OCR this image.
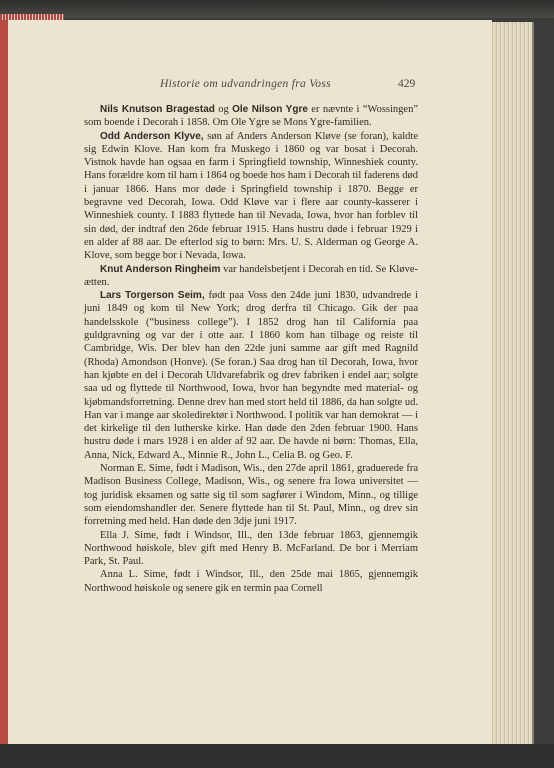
Historie om udvandringen fra Voss	429

Nils Knutson Bragestad og Ole Nilson Ygre er nævnte i “Wossingen” som boende i Decorah i 1858. Om Ole Ygre se Mons Ygre-familien.

Odd Anderson Klyve, søn af Anders Anderson Kløve (se foran), kaldte sig Edwin Klove. Han kom fra Muskego i 1860 og var bosat i Decorah. Vistnok havde han ogsaa en farm i Springfield township, Winneshiek county. Hans forældre kom til ham i 1864 og boede hos ham i Decorah til faderens død i januar 1866. Hans mor døde i Springfield township i 1870. Begge er begravne ved Decorah, Iowa. Odd Kløve var i flere aar county-kasserer i Winneshiek county. I 1883 flyttede han til Nevada, Iowa, hvor han forblev til sin død, der indtraf den 26de februar 1915. Hans hustru døde i februar 1929 i en alder af 88 aar. De efterlod sig to børn: Mrs. U. S. Alderman og George A. Klove, som begge bor i Nevada, Iowa.

Knut Anderson Ringheim var handelsbetjent i Decorah en tid. Se Kløve-ætten.

Lars Torgerson Seim, født paa Voss den 24de juni 1830, udvandrede i juni 1849 og kom til New York; drog derfra til Chicago. Gik der paa handelsskole (“business college”). I 1852 drog han til California paa guldgravning og var der i otte aar. I 1860 kom han tilbage og reiste til Cambridge, Wis. Der blev han den 22de juni samme aar gift med Ragnild (Rhoda) Amondson (Honve). (Se foran.) Saa drog han til Decorah, Iowa, hvor han kjøbte en del i Decorah Uldvarefabrik og drev fabriken i endel aar; solgte saa ud og flyttede til Northwood, Iowa, hvor han begyndte med material- og kjøbmandsforretning. Denne drev han med stort held til 1886, da han solgte ud. Han var i mange aar skoledirektør i Northwood. I politik var han demokrat — i det kirkelige til den lutherske kirke. Han døde den 2den februar 1900. Hans hustru døde i mars 1928 i en alder af 92 aar. De havde ni børn: Thomas, Ella, Anna, Nick, Edward A., Minnie R., John L., Celia B. og Geo. F.

Norman E. Sime, født i Madison, Wis., den 27de april 1861, graduerede fra Madison Business College, Madison, Wis., og senere fra Iowa universitet — tog juridisk eksamen og satte sig til som sagfører i Windom, Minn., og tillige som eiendomshandler der. Senere flyttede han til St. Paul, Minn., og drev sin forretning med held. Han døde den 3dje juni 1917.

Ella J. Sime, født i Windsor, Ill., den 13de februar 1863, gjennemgik Northwood høiskole, blev gift med Henry B. McFarland. De bor i Merriam Park, St. Paul.

Anna L. Sime, født i Windsor, Ill., den 25de mai 1865, gjennemgik Northwood høiskole og senere gik en termin paa Cornell
